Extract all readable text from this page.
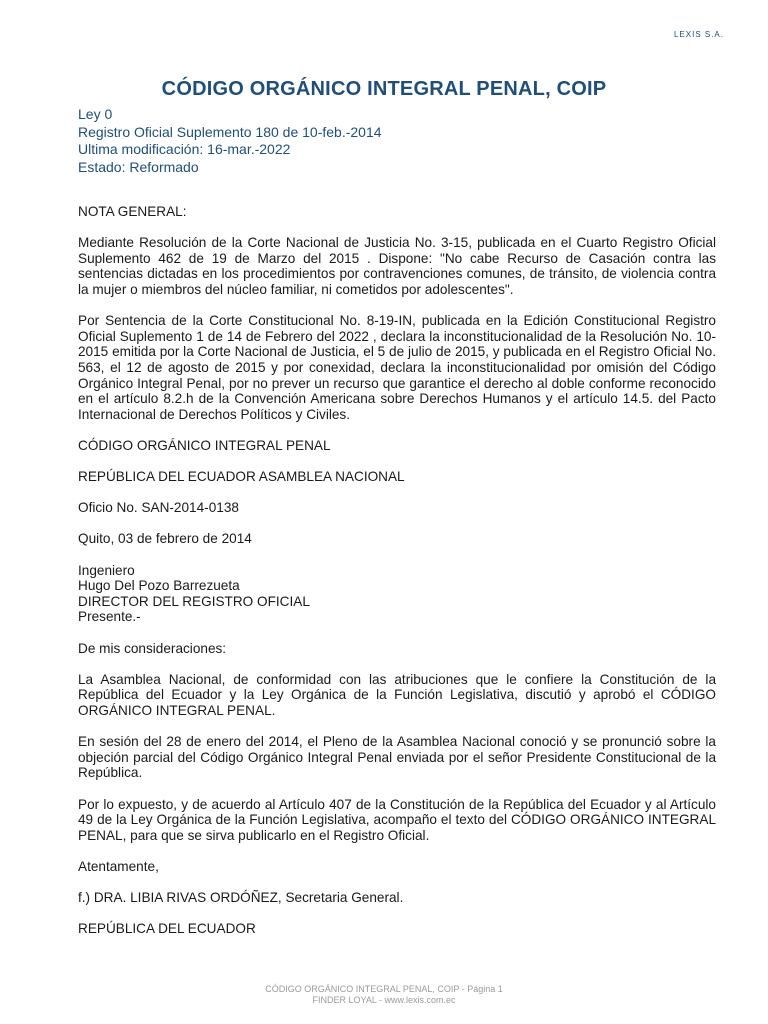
LEXIS S.A.
CÓDIGO ORGÁNICO INTEGRAL PENAL, COIP
Ley 0
Registro Oficial Suplemento 180 de 10-feb.-2014
Ultima modificación: 16-mar.-2022
Estado: Reformado

NOTA GENERAL:

Mediante Resolución de la Corte Nacional de Justicia No. 3-15, publicada en el Cuarto Registro Oficial Suplemento 462 de 19 de Marzo del 2015 . Dispone: "No cabe Recurso de Casación contra las sentencias dictadas en los procedimientos por contravenciones comunes, de tránsito, de violencia contra la mujer o miembros del núcleo familiar, ni cometidos por adolescentes".

Por Sentencia de la Corte Constitucional No. 8-19-IN, publicada en la Edición Constitucional Registro Oficial Suplemento 1 de 14 de Febrero del 2022 , declara la inconstitucionalidad de la Resolución No. 10-2015 emitida por la Corte Nacional de Justicia, el 5 de julio de 2015, y publicada en el Registro Oficial No. 563, el 12 de agosto de 2015 y por conexidad, declara la inconstitucionalidad por omisión del Código Orgánico Integral Penal, por no prever un recurso que garantice el derecho al doble conforme reconocido en el artículo 8.2.h de la Convención Americana sobre Derechos Humanos y el artículo 14.5. del Pacto Internacional de Derechos Políticos y Civiles.

CÓDIGO ORGÁNICO INTEGRAL PENAL

REPÚBLICA DEL ECUADOR ASAMBLEA NACIONAL

Oficio No. SAN-2014-0138

Quito, 03 de febrero de 2014

Ingeniero
Hugo Del Pozo Barrezueta
DIRECTOR DEL REGISTRO OFICIAL
Presente.-

De mis consideraciones:

La Asamblea Nacional, de conformidad con las atribuciones que le confiere la Constitución de la República del Ecuador y la Ley Orgánica de la Función Legislativa, discutió y aprobó el CÓDIGO ORGÁNICO INTEGRAL PENAL.

En sesión del 28 de enero del 2014, el Pleno de la Asamblea Nacional conoció y se pronunció sobre la objeción parcial del Código Orgánico Integral Penal enviada por el señor Presidente Constitucional de la República.

Por lo expuesto, y de acuerdo al Artículo 407 de la Constitución de la República del Ecuador y al Artículo 49 de la Ley Orgánica de la Función Legislativa, acompaño el texto del CÓDIGO ORGÁNICO INTEGRAL PENAL, para que se sirva publicarlo en el Registro Oficial.

Atentamente,

f.) DRA. LIBIA RIVAS ORDÓÑEZ, Secretaria General.

REPÚBLICA DEL ECUADOR

CÓDIGO ORGÁNICO INTEGRAL PENAL, COIP - Página 1
FINDER LOYAL - www.lexis.com.ec
